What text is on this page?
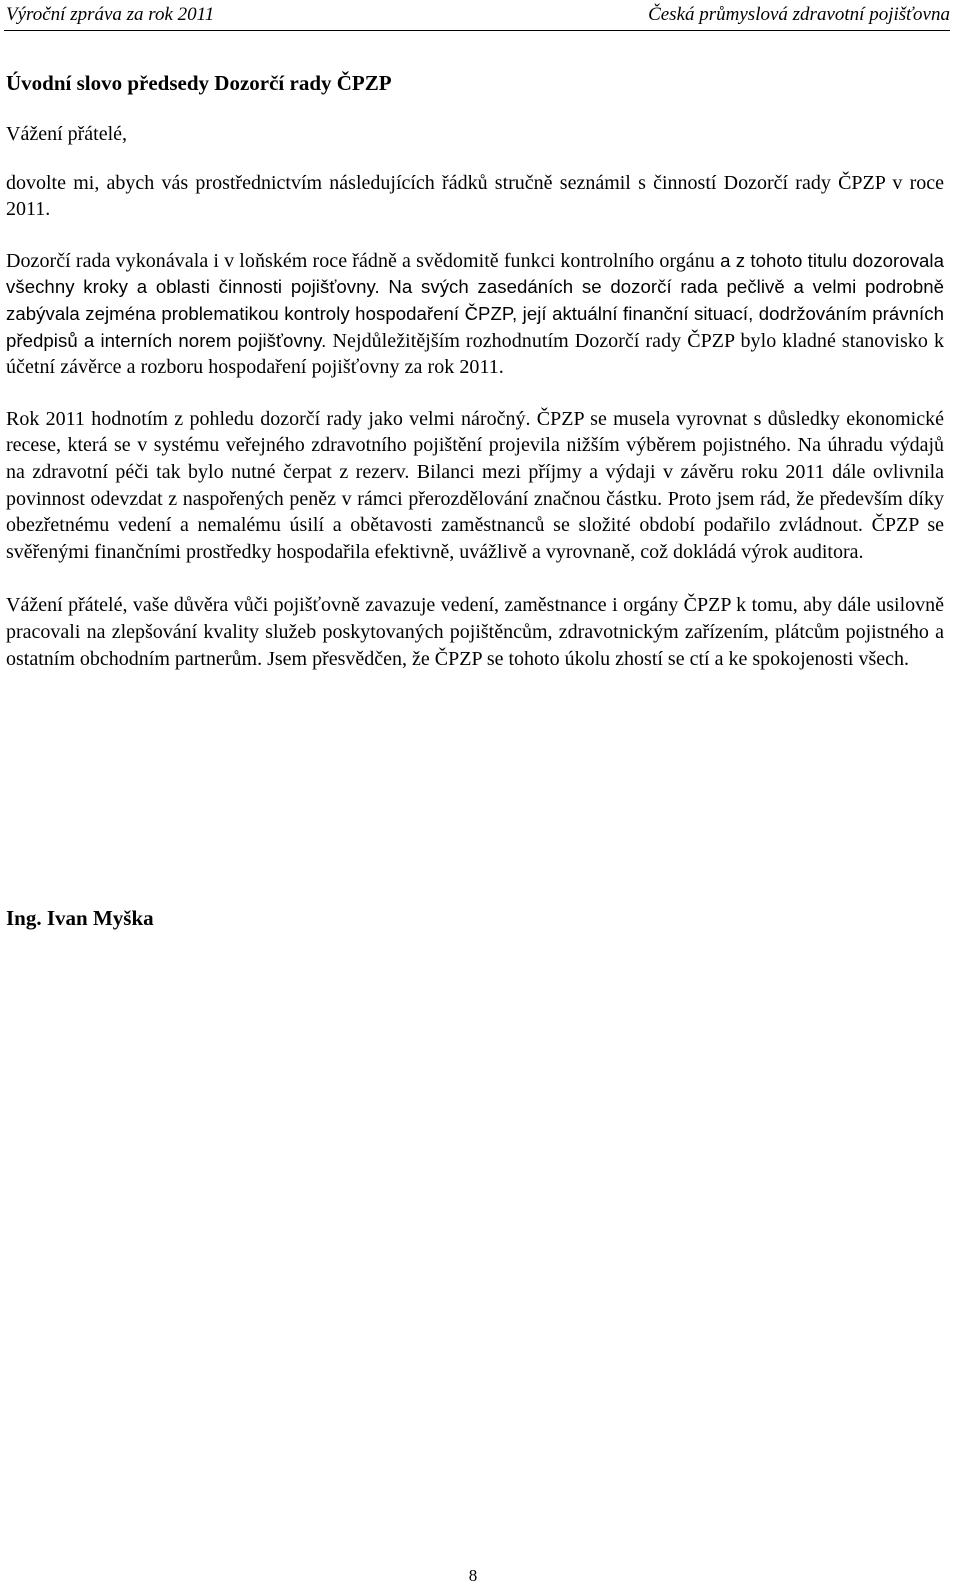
Výroční zpráva za rok 2011	Česká průmyslová zdravotní pojišťovna
Úvodní slovo předsedy Dozorčí rady ČPZP

Vážení přátelé,

dovolte mi, abych vás prostřednictvím následujících řádků stručně seznámil s činností Dozorčí rady ČPZP v roce 2011.

Dozorčí rada vykonávala i v loňském roce řádně a svědomitě funkci kontrolního orgánu a z tohoto titulu dozorovala všechny kroky a oblasti činnosti pojišťovny. Na svých zasedáních se dozorčí rada pečlivě a velmi podrobně zabývala zejména problematikou kontroly hospodaření ČPZP, její aktuální finanční situací, dodržováním právních předpisů a interních norem pojišťovny. Nejdůležitějším rozhodnutím Dozorčí rady ČPZP bylo kladné stanovisko k účetní závěrce a rozboru hospodaření pojišťovny za rok 2011.

Rok 2011 hodnotím z pohledu dozorčí rady jako velmi náročný. ČPZP se musela vyrovnat s důsledky ekonomické recese, která se v systému veřejného zdravotního pojištění projevila nižším výběrem pojistného. Na úhradu výdajů na zdravotní péči tak bylo nutné čerpat z rezerv. Bilanci mezi příjmy a výdaji v závěru roku 2011 dále ovlivnila povinnost odevzdat z naspořených peněz v rámci přerozdělování značnou částku. Proto jsem rád, že především díky obezřetnému vedení a nemalému úsilí a obětavosti zaměstnanců se složité období podařilo zvládnout. ČPZP se svěřenými finančními prostředky hospodařila efektivně, uvážlivě a vyrovnaně, což dokládá výrok auditora.

Vážení přátelé, vaše důvěra vůči pojišťovně zavazuje vedení, zaměstnance i orgány ČPZP k tomu, aby dále usilovně pracovali na zlepšování kvality služeb poskytovaných pojištěncům, zdravotnickým zařízením, plátcům pojistného a ostatním obchodním partnerům. Jsem přesvědčen, že ČPZP se tohoto úkolu zhostí se ctí a ke spokojenosti všech.

Ing. Ivan Myška
8
